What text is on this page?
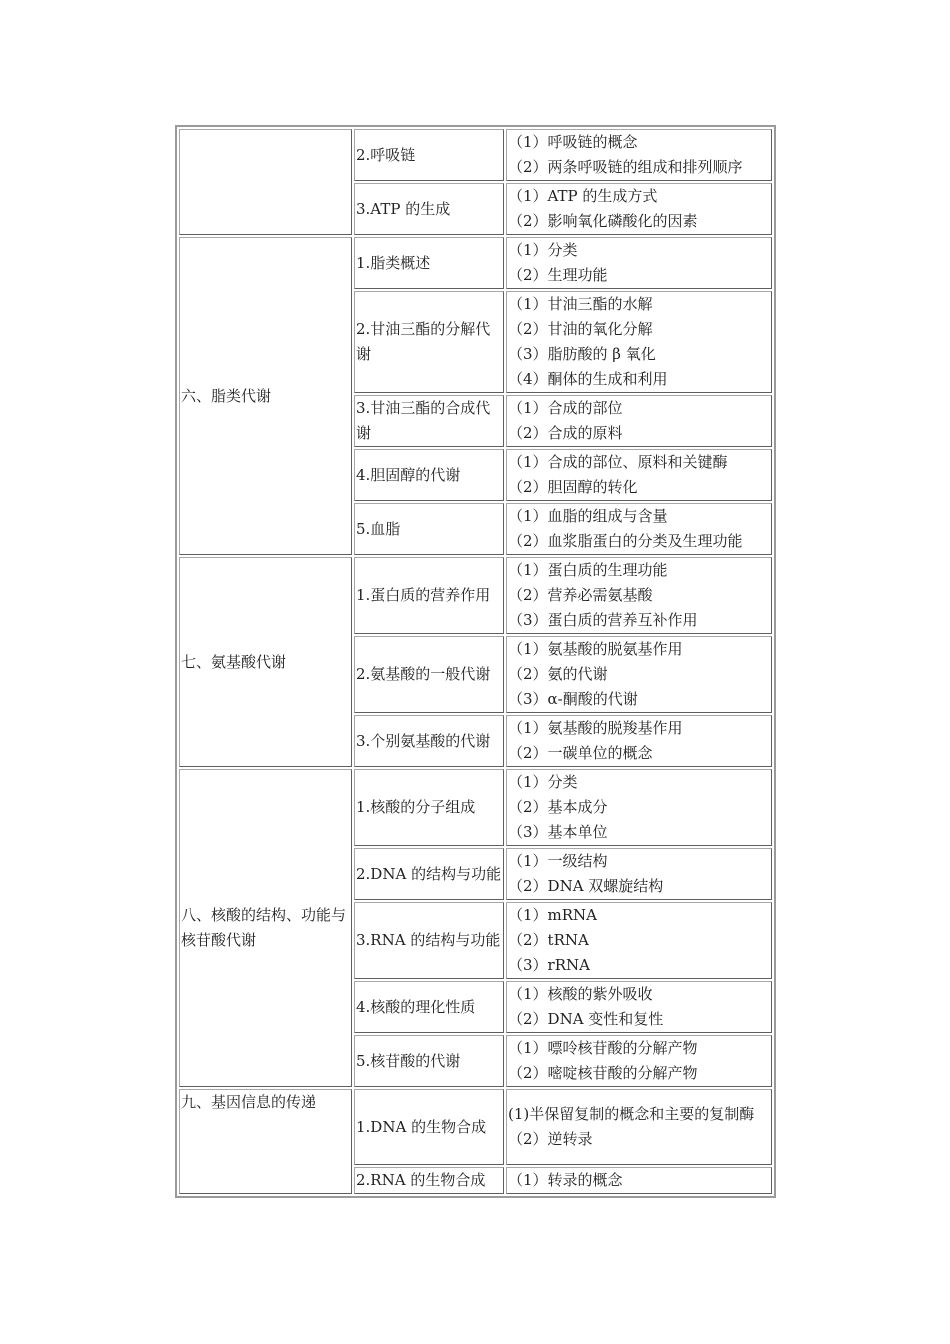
	2.呼吸链	（1）呼吸链的概念
（2）两条呼吸链的组成和排列顺序

	3.ATP 的生成	（1）ATP 的生成方式
（2）影响氧化磷酸化的因素

六、脂类代谢	1.脂类概述	（1）分类
（2）生理功能

	2.甘油三酯的分解代谢	（1）甘油三酯的水解
（2）甘油的氧化分解
（3）脂肪酸的 β 氧化
（4）酮体的生成和利用

	3.甘油三酯的合成代谢	（1）合成的部位
（2）合成的原料

	4.胆固醇的代谢	（1）合成的部位、原料和关键酶
（2）胆固醇的转化

	5.血脂	（1）血脂的组成与含量
（2）血浆脂蛋白的分类及生理功能

七、氨基酸代谢	1.蛋白质的营养作用	（1）蛋白质的生理功能
（2）营养必需氨基酸
（3）蛋白质的营养互补作用

	2.氨基酸的一般代谢	（1）氨基酸的脱氨基作用
（2）氨的代谢
（3）α-酮酸的代谢

	3.个别氨基酸的代谢	（1）氨基酸的脱羧基作用
（2）一碳单位的概念

八、核酸的结构、功能与核苷酸代谢	1.核酸的分子组成	（1）分类
（2）基本成分
（3）基本单位

	2.DNA 的结构与功能	（1）一级结构
（2）DNA 双螺旋结构

	3.RNA 的结构与功能	（1）mRNA
（2）tRNA
（3）rRNA

	4.核酸的理化性质	（1）核酸的紫外吸收
（2）DNA 变性和复性

	5.核苷酸的代谢	（1）嘌呤核苷酸的分解产物
（2）嘧啶核苷酸的分解产物

九、基因信息的传递	1.DNA 的生物合成	(1)半保留复制的概念和主要的复制酶
（2）逆转录

	2.RNA 的生物合成	（1）转录的概念
